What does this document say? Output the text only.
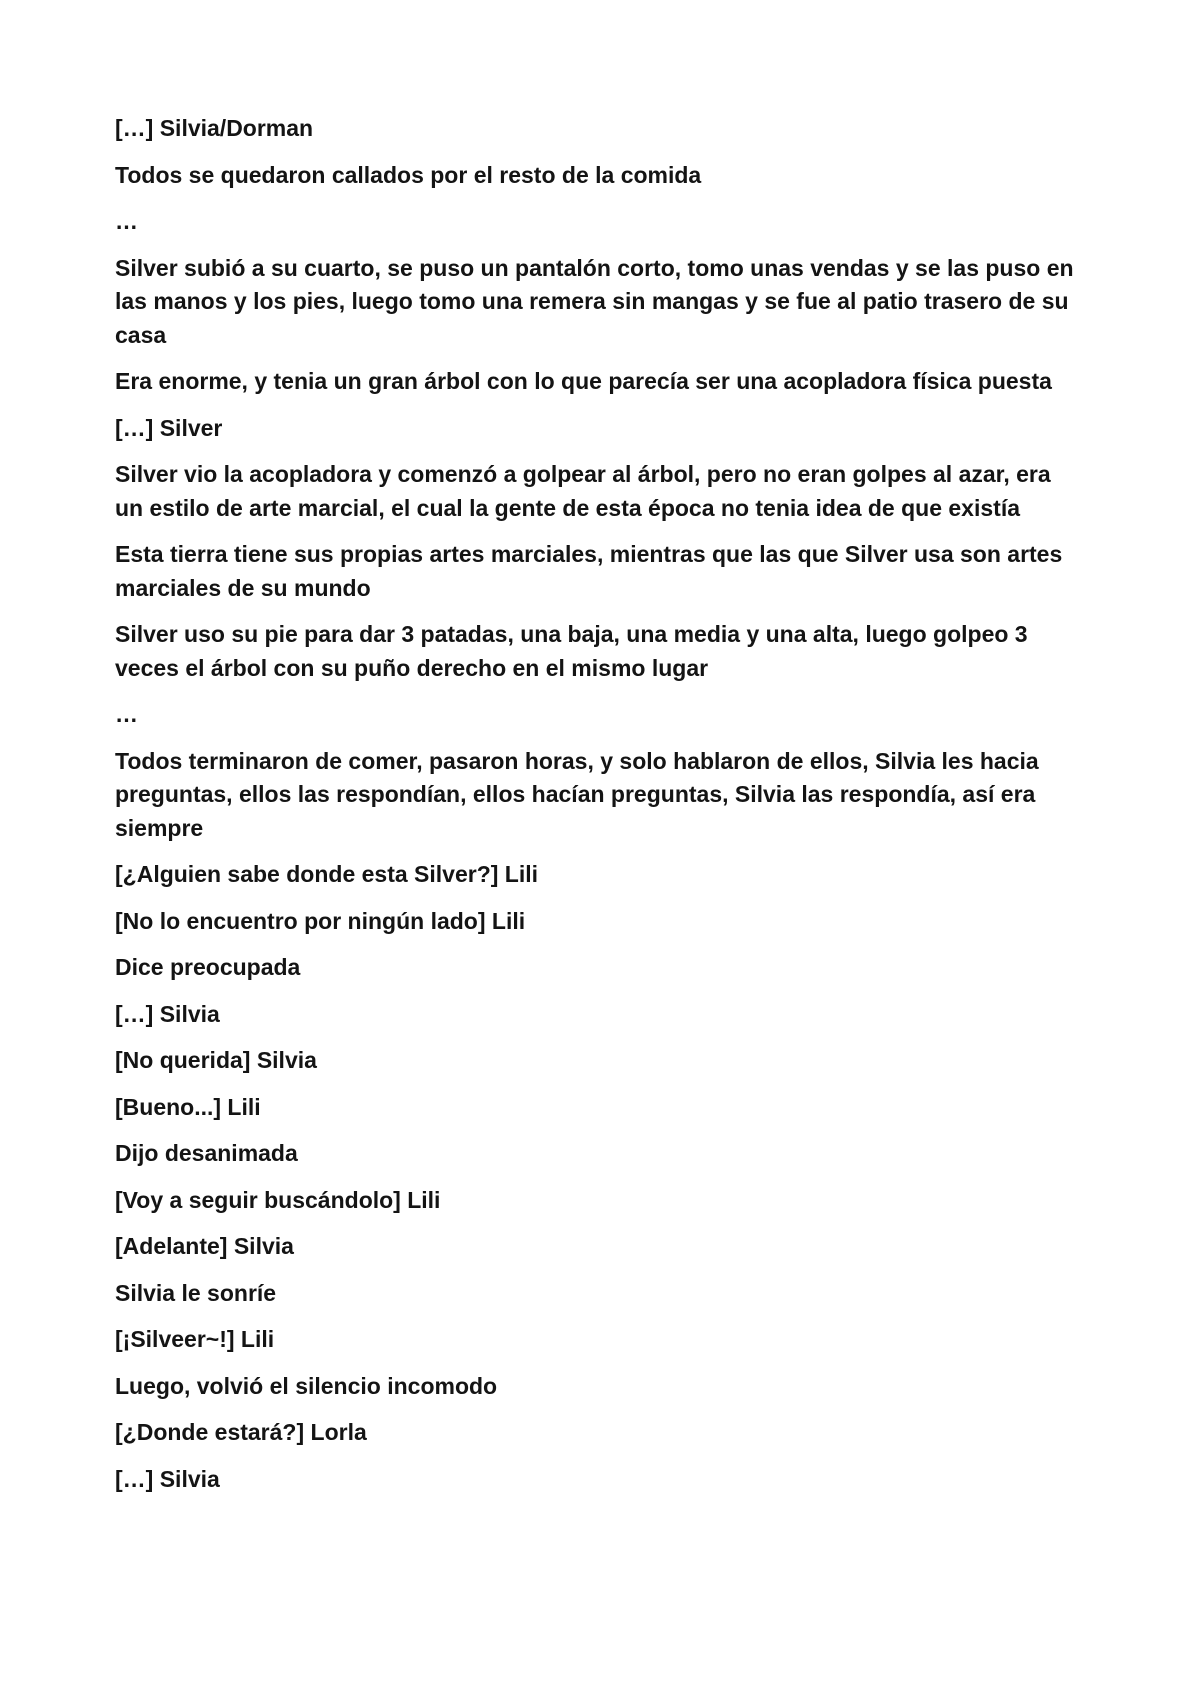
[…] Silvia/Dorman

Todos se quedaron callados por el resto de la comida

…

Silver subió a su cuarto, se puso un pantalón corto, tomo unas vendas y se las puso en las manos y los pies, luego tomo una remera sin mangas y se fue al patio trasero de su casa

Era enorme, y tenia un gran árbol con lo que parecía ser una acopladora física puesta

[…] Silver

Silver vio la acopladora y comenzó a golpear al árbol, pero no eran golpes al azar, era un estilo de arte marcial, el cual la gente de esta época no tenia idea de que existía

Esta tierra tiene sus propias artes marciales, mientras que las que Silver usa son artes marciales de su mundo

Silver uso su pie para dar 3 patadas, una baja, una media y una alta, luego golpeo 3 veces el árbol con su puño derecho en el mismo lugar

…

Todos terminaron de comer, pasaron horas, y solo hablaron de ellos, Silvia les hacia preguntas, ellos las respondían, ellos hacían preguntas, Silvia las respondía, así era siempre

[¿Alguien sabe donde esta Silver?] Lili

[No lo encuentro por ningún lado] Lili

Dice preocupada

[…] Silvia

[No querida] Silvia

[Bueno...] Lili

Dijo desanimada

[Voy a seguir buscándolo] Lili

[Adelante] Silvia

Silvia le sonríe

[¡Silveer~!] Lili

Luego, volvió el silencio incomodo

[¿Donde estará?] Lorla

[…] Silvia
